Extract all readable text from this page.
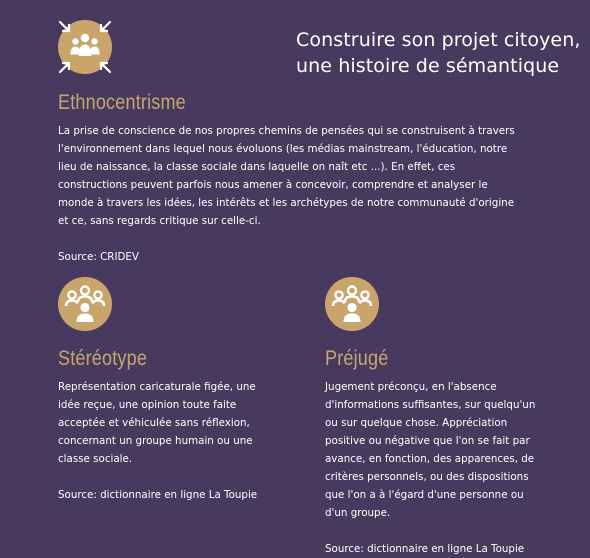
Construire son projet citoyen,
une histoire de sémantique
Ethnocentrisme

La prise de conscience de nos propres chemins de pensées qui se construisent à travers l'environnement dans lequel nous évoluons (les médias mainstream, l'éducation, notre lieu de naissance, la classe sociale dans laquelle on naît etc ...). En effet, ces constructions peuvent parfois nous amener à concevoir, comprendre et analyser le monde à travers les idées, les intérêts et les archétypes de notre communauté d'origine et ce, sans regards critique sur celle-ci.

Source: CRIDEV

Stéréotype

Représentation caricaturale figée, une idée reçue, une opinion toute faite acceptée et véhiculée sans réflexion, concernant un groupe humain ou une classe sociale.

Source: dictionnaire en ligne La Toupie

Préjugé

Jugement préconçu, en l'absence d'informations suffisantes, sur quelqu'un ou sur quelque chose. Appréciation positive ou négative que l'on se fait par avance, en fonction, des apparences, de critères personnels, ou des dispositions que l'on a à l'égard d'une personne ou d'un groupe.

Source: dictionnaire en ligne La Toupie
